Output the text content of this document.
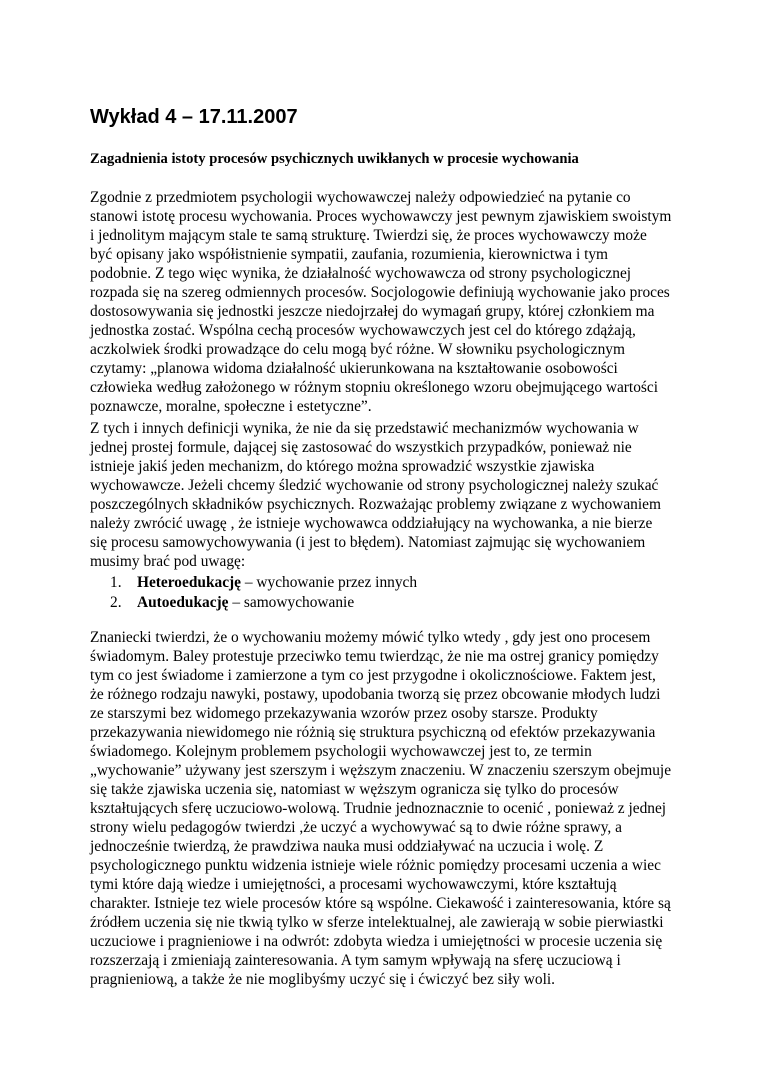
Wykład 4 – 17.11.2007
Zagadnienia istoty procesów psychicznych uwikłanych w procesie wychowania
Zgodnie z przedmiotem psychologii wychowawczej należy odpowiedzieć na pytanie co
stanowi istotę procesu wychowania. Proces wychowawczy jest pewnym zjawiskiem swoistym
i jednolitym mającym stale te samą strukturę. Twierdzi się, że proces wychowawczy może
być opisany jako współistnienie sympatii, zaufania, rozumienia, kierownictwa i tym
podobnie. Z tego więc wynika, że działalność wychowawcza od strony psychologicznej
rozpada się na szereg odmiennych procesów. Socjologowie definiują wychowanie jako proces
dostosowywania się jednostki jeszcze niedojrzałej do wymagań grupy, której członkiem ma
jednostka zostać. Wspólna cechą procesów wychowawczych jest cel do którego zdążają,
aczkolwiek środki prowadzące do celu mogą być różne. W słowniku psychologicznym
czytamy: „planowa widoma działalność ukierunkowana na kształtowanie osobowości
człowieka według założonego w różnym stopniu określonego wzoru obejmującego wartości
poznawcze, moralne, społeczne i estetyczne”.
Z tych i innych definicji wynika, że nie da się przedstawić mechanizmów wychowania w
jednej prostej formule, dającej się zastosować do wszystkich przypadków, ponieważ nie
istnieje jakiś jeden mechanizm, do którego można sprowadzić wszystkie zjawiska
wychowawcze. Jeżeli chcemy śledzić wychowanie od strony psychologicznej należy szukać
poszczególnych składników psychicznych. Rozważając problemy związane z wychowaniem
należy zwrócić uwagę , że istnieje wychowawca oddziałujący na wychowanka, a nie bierze
się procesu samowychowywania (i jest to błędem). Natomiast zajmując się wychowaniem
musimy brać pod uwagę:
1. Heteroedukację – wychowanie przez innych
2. Autoedukację – samowychowanie
Znaniecki twierdzi, że o wychowaniu możemy mówić tylko wtedy , gdy jest ono procesem
świadomym. Baley protestuje przeciwko temu twierdząc, że nie ma ostrej granicy pomiędzy
tym co jest świadome i zamierzone a tym co jest przygodne i okolicznościowe. Faktem jest,
że różnego rodzaju nawyki, postawy, upodobania tworzą się przez obcowanie młodych ludzi
ze starszymi bez widomego przekazywania wzorów przez osoby starsze. Produkty
przekazywania niewidomego nie różnią się struktura psychiczną od efektów przekazywania
świadomego. Kolejnym problemem psychologii wychowawczej jest to, ze termin
„wychowanie” używany jest szerszym i węższym znaczeniu. W znaczeniu szerszym obejmuje
się także zjawiska uczenia się, natomiast w węższym ogranicza się tylko do procesów
kształtujących sferę uczuciowo-wolową. Trudnie jednoznacznie to ocenić , ponieważ z jednej
strony wielu pedagogów twierdzi ,że uczyć a wychowywać są to dwie różne sprawy, a
jednocześnie twierdzą, że prawdziwa nauka musi oddziaływać na uczucia i wolę. Z
psychologicznego punktu widzenia istnieje wiele różnic pomiędzy procesami uczenia a wiec
tymi które dają wiedze i umiejętności, a procesami wychowawczymi, które kształtują
charakter. Istnieje tez wiele procesów które są wspólne. Ciekawość i zainteresowania, które są
źródłem uczenia się nie tkwią tylko w sferze intelektualnej, ale zawierają w sobie pierwiastki
uczuciowe i pragnieniowe i na odwrót: zdobyta wiedza i umiejętności w procesie uczenia się
rozszerzają i zmieniają zainteresowania. A tym samym wpływają na sferę uczuciową i
pragnieniową, a także że nie moglibyśmy uczyć się i ćwiczyć bez siły woli.
